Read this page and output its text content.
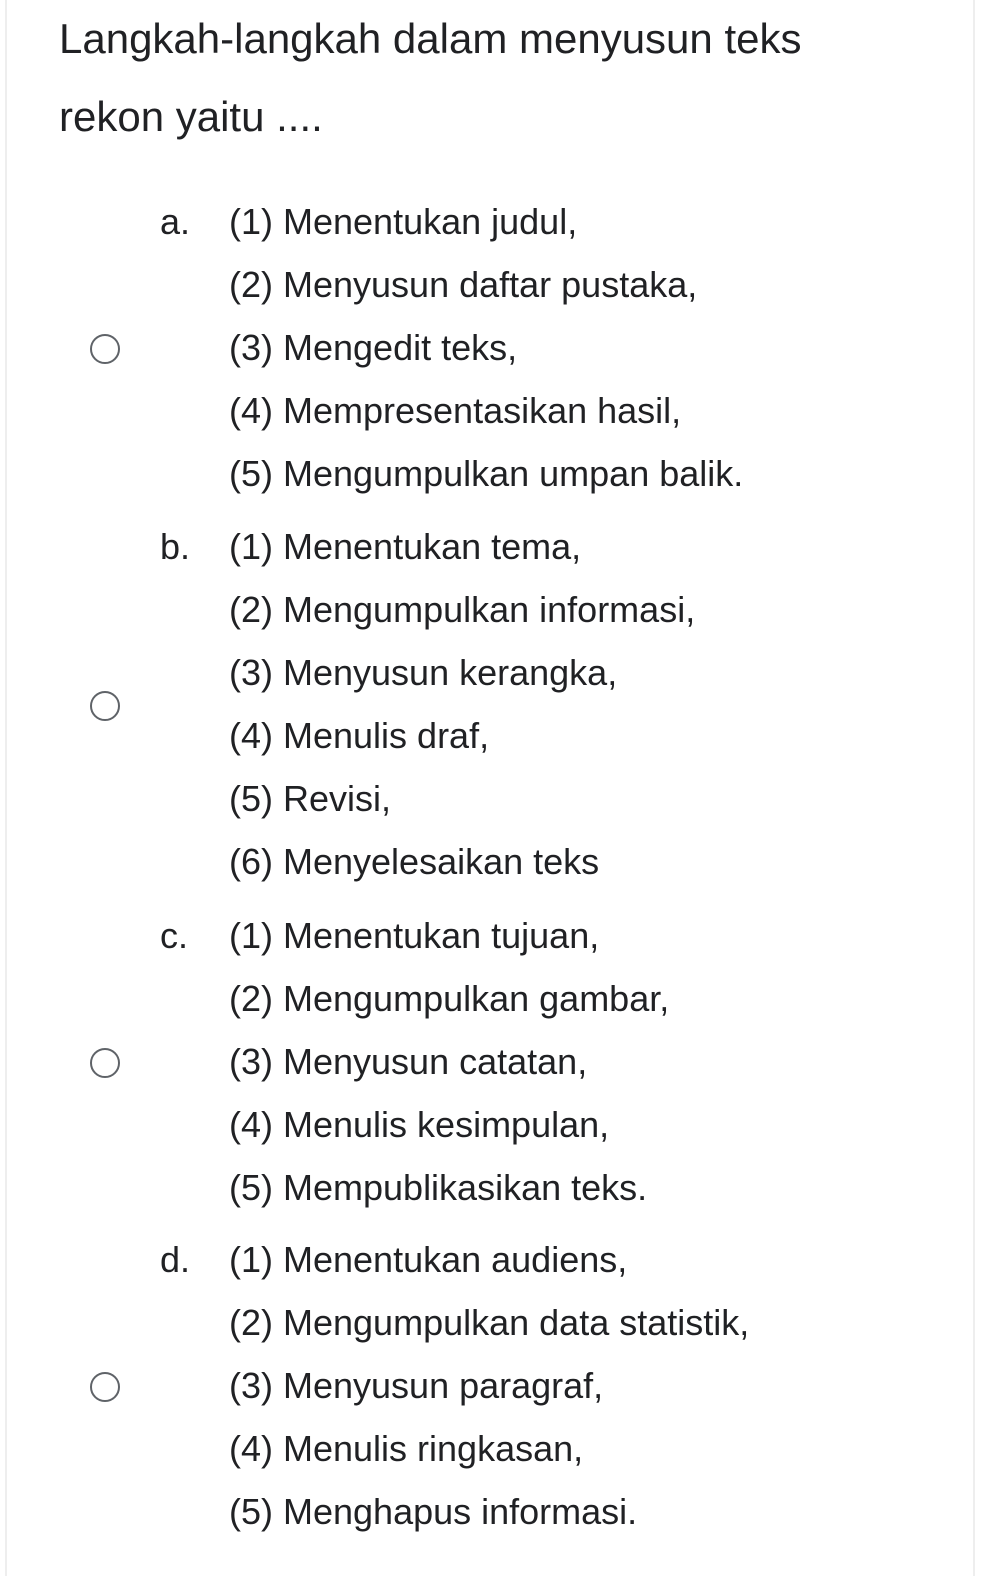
Langkah-langkah dalam menyusun teks
rekon yaitu ....
a. (1) Menentukan judul,
(2) Menyusun daftar pustaka,
(3) Mengedit teks,
(4) Mempresentasikan hasil,
(5) Mengumpulkan umpan balik.
b. (1) Menentukan tema,
(2) Mengumpulkan informasi,
(3) Menyusun kerangka,
(4) Menulis draf,
(5) Revisi,
(6) Menyelesaikan teks
c. (1) Menentukan tujuan,
(2) Mengumpulkan gambar,
(3) Menyusun catatan,
(4) Menulis kesimpulan,
(5) Mempublikasikan teks.
d. (1) Menentukan audiens,
(2) Mengumpulkan data statistik,
(3) Menyusun paragraf,
(4) Menulis ringkasan,
(5) Menghapus informasi.
